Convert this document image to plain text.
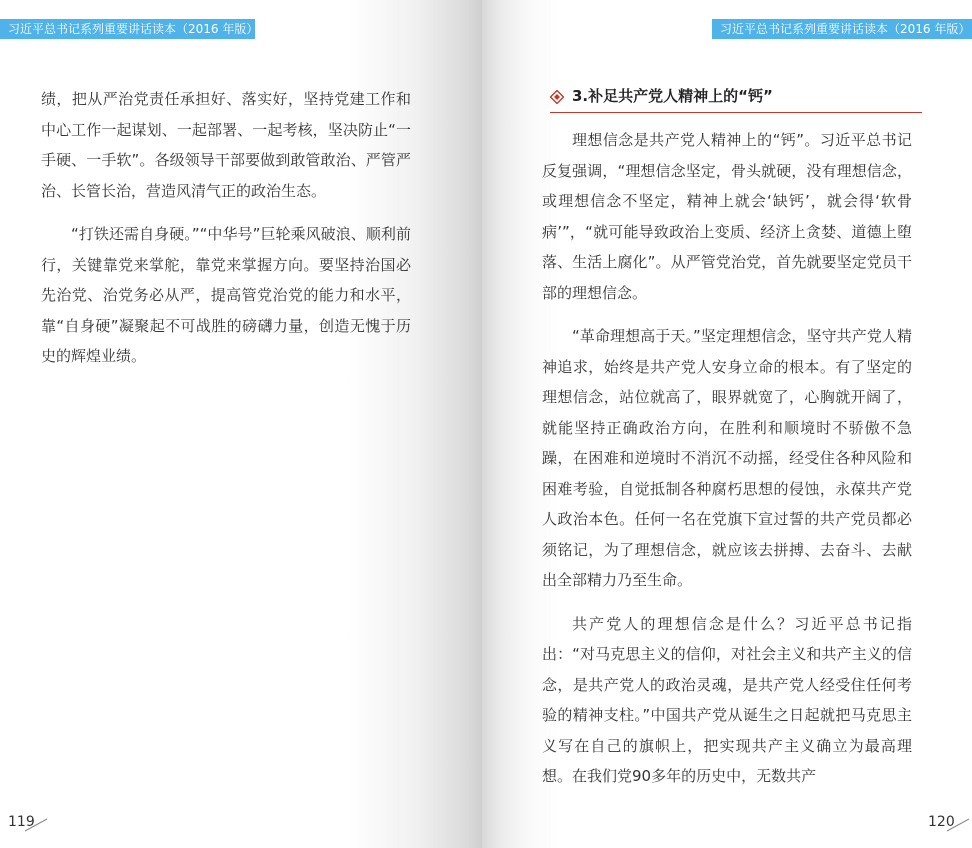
习近平总书记系列重要讲话读本（2016 年版）

绩，把从严治党责任承担好、落实好，坚持党建工作和中心工作一起谋划、一起部署、一起考核，坚决防止“一手硬、一手软”。各级领导干部要做到敢管敢治、严管严治、长管长治，营造风清气正的政治生态。

“打铁还需自身硬。”“中华号”巨轮乘风破浪、顺利前行，关键靠党来掌舵，靠党来掌握方向。要坚持治国必先治党、治党务必从严，提高管党治党的能力和水平，靠“自身硬”凝聚起不可战胜的磅礴力量，创造无愧于历史的辉煌业绩。

119
习近平总书记系列重要讲话读本（2016 年版）
3.补足共产党人精神上的“钙”

理想信念是共产党人精神上的“钙”。习近平总书记反复强调，“理想信念坚定，骨头就硬，没有理想信念，或理想信念不坚定，精神上就会‘缺钙’，就会得‘软骨病’”，“就可能导致政治上变质、经济上贪婪、道德上堕落、生活上腐化”。从严管党治党，首先就要坚定党员干部的理想信念。

“革命理想高于天。”坚定理想信念，坚守共产党人精神追求，始终是共产党人安身立命的根本。有了坚定的理想信念，站位就高了，眼界就宽了，心胸就开阔了，就能坚持正确政治方向，在胜利和顺境时不骄傲不急躁，在困难和逆境时不消沉不动摇，经受住各种风险和困难考验，自觉抵制各种腐朽思想的侵蚀，永葆共产党人政治本色。任何一名在党旗下宣过誓的共产党员都必须铭记，为了理想信念，就应该去拼搏、去奋斗、去献出全部精力乃至生命。

共产党人的理想信念是什么？习近平总书记指出：“对马克思主义的信仰，对社会主义和共产主义的信念，是共产党人的政治灵魂，是共产党人经受住任何考验的精神支柱。”中国共产党从诞生之日起就把马克思主义写在自己的旗帜上，把实现共产主义确立为最高理想。在我们党90多年的历史中，无数共产

120
